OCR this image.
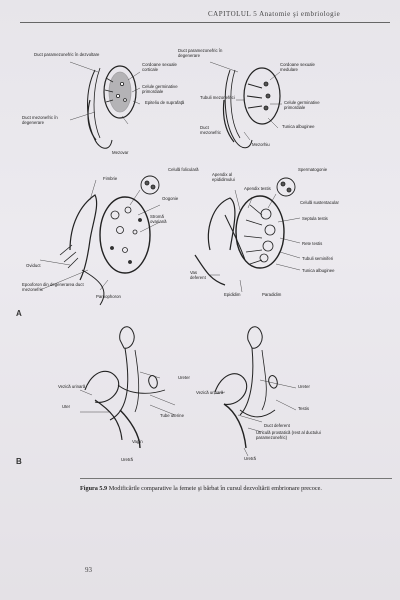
CAPITOLUL 5 Anatomie şi embriologie
Duct paramezonefric în dezvoltare
Duct mezonefric în degenerare
Cordoane sexuale corticale
Celule germinative primordiale
Epiteliu de suprafaţă
Mezovar
Duct paramezonefric în degenerare
Cordoane sexuale medulare
Tubuli mezonefrici
Celule germinative primordiale
Tunica albuginee
Duct mezonefric
Mezorhiu
Celulă foliculară
Fimbrie
Oogonie
Stromă ovariană
Oviduct
Epooforon din degenerarea duct mezonefric
Paroophoron
Apendix al epididimului
Apendix testis
Spermatogonie
Celulă sustentacular
Septula testis
Rete testis
Tubuli seminiferi
Tunica albuginee
Vas deferent
Epididim	Paradidim
A
Vezică urinară
Uter
Ureter
Tube uterine
Vagin
Uretră
Vezică urinară
Ureter
Testis
Duct deferent
Utriculă prostatică (rest al ductului paramezonefric)
Uretră
B
Figura 5.9 Modificările comparative la femeie şi bărbat în cursul dezvoltării embrionare precoce.
93
